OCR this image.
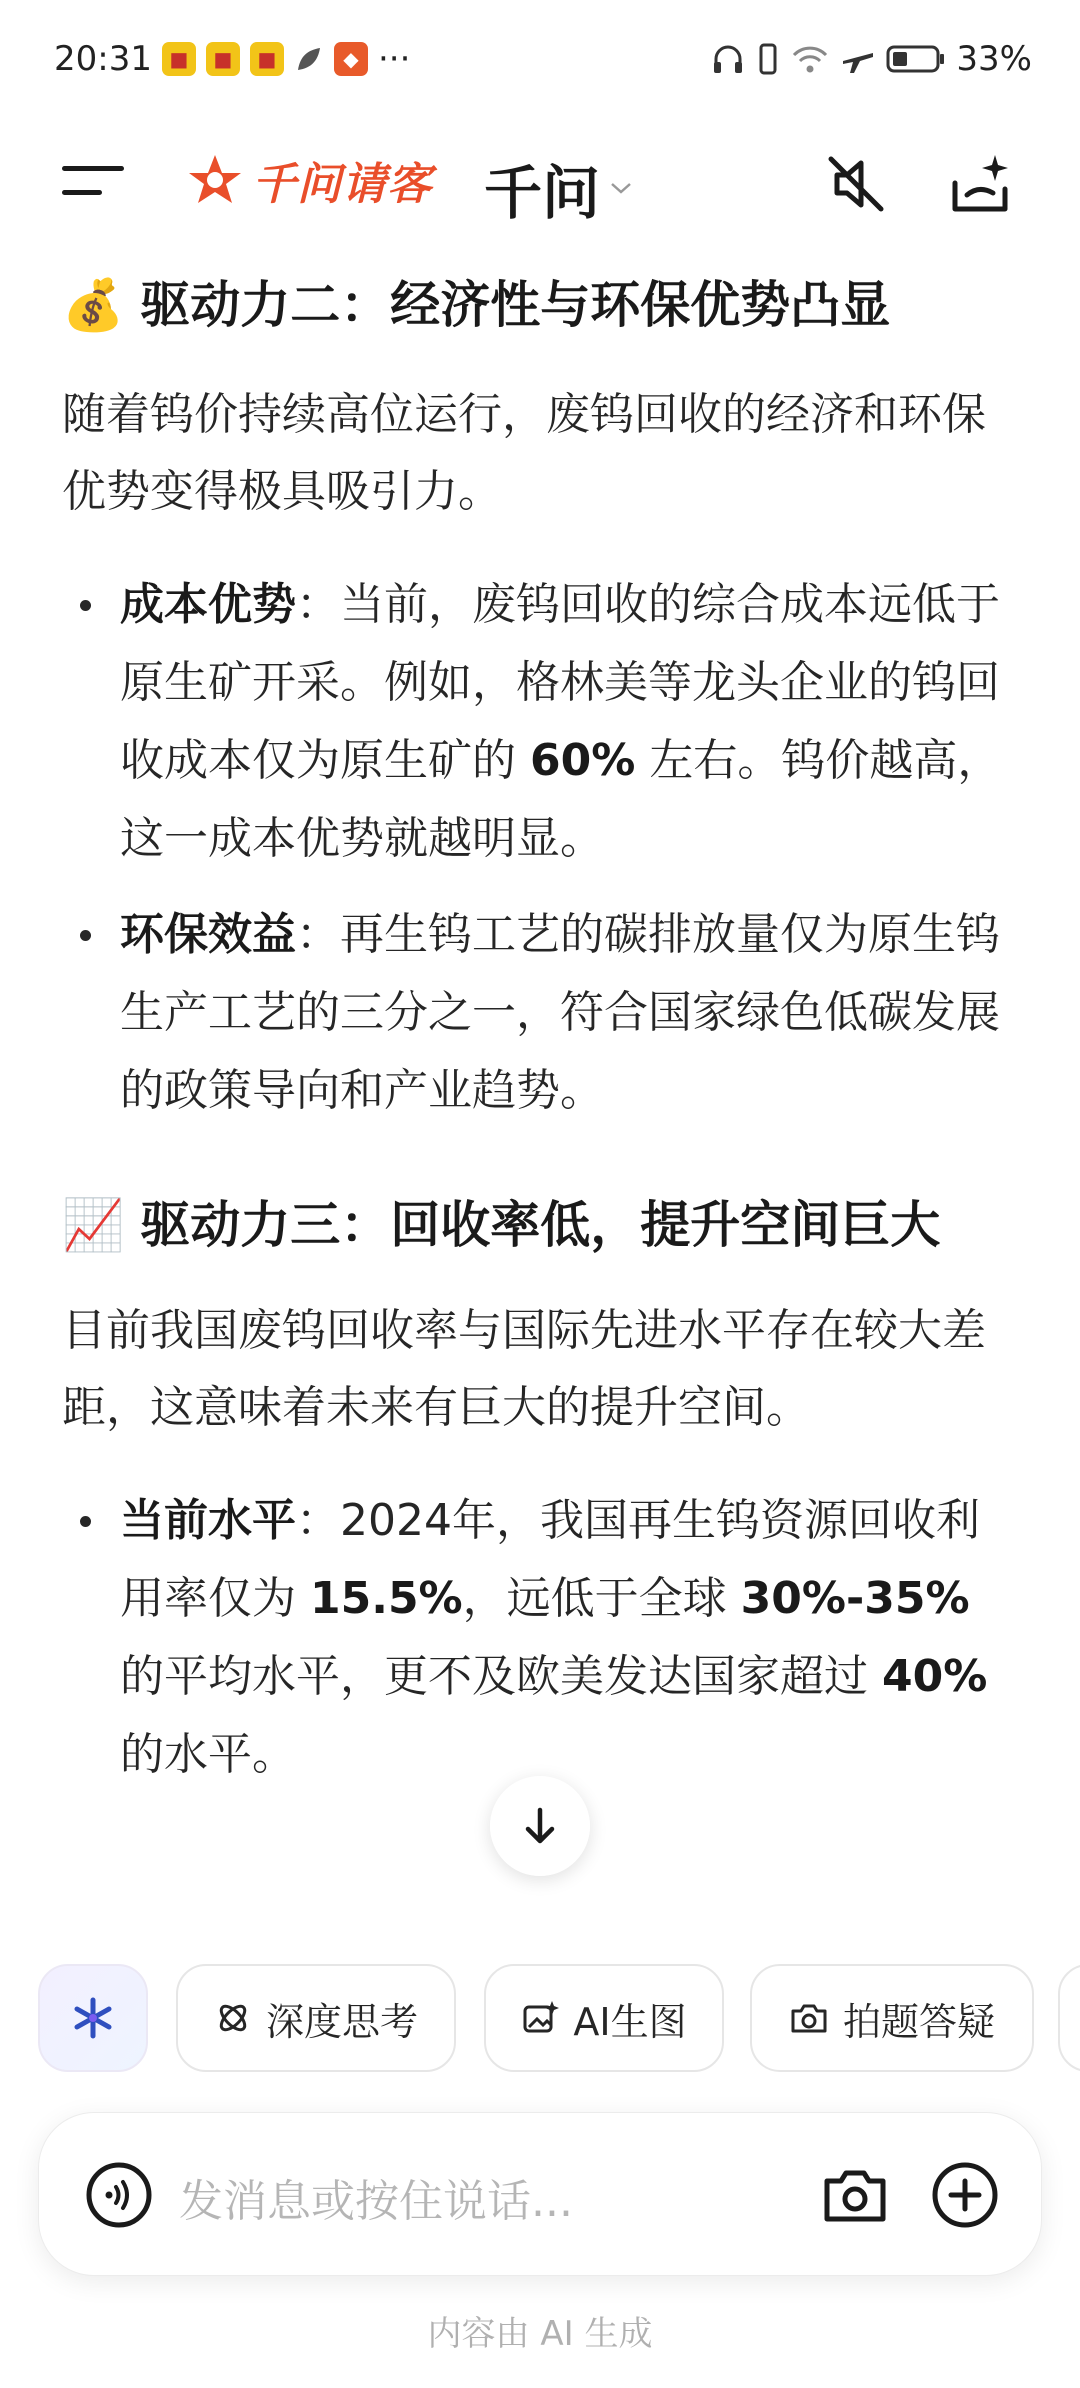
20:31 ■	■	■	◆ ···	33%
千问请客 千问
💰 驱动力二：经济性与环保优势凸显

随着钨价持续高位运行，废钨回收的经济和环保优势变得极具吸引力。

成本优势：当前，废钨回收的综合成本远低于原生矿开采。例如，格林美等龙头企业的钨回收成本仅为原生矿的 60% 左右。钨价越高，这一成本优势就越明显。
环保效益：再生钨工艺的碳排放量仅为原生钨生产工艺的三分之一，符合国家绿色低碳发展的政策导向和产业趋势。
📈 驱动力三：回收率低，提升空间巨大

目前我国废钨回收率与国际先进水平存在较大差距，这意味着未来有巨大的提升空间。

当前水平：2024年，我国再生钨资源回收利用率仅为 15.5%，远低于全球 30%-35% 的平均水平，更不及欧美发达国家超过 40% 的水平。
深度思考	AI生图	拍题答疑
发消息或按住说话...
内容由 AI 生成
